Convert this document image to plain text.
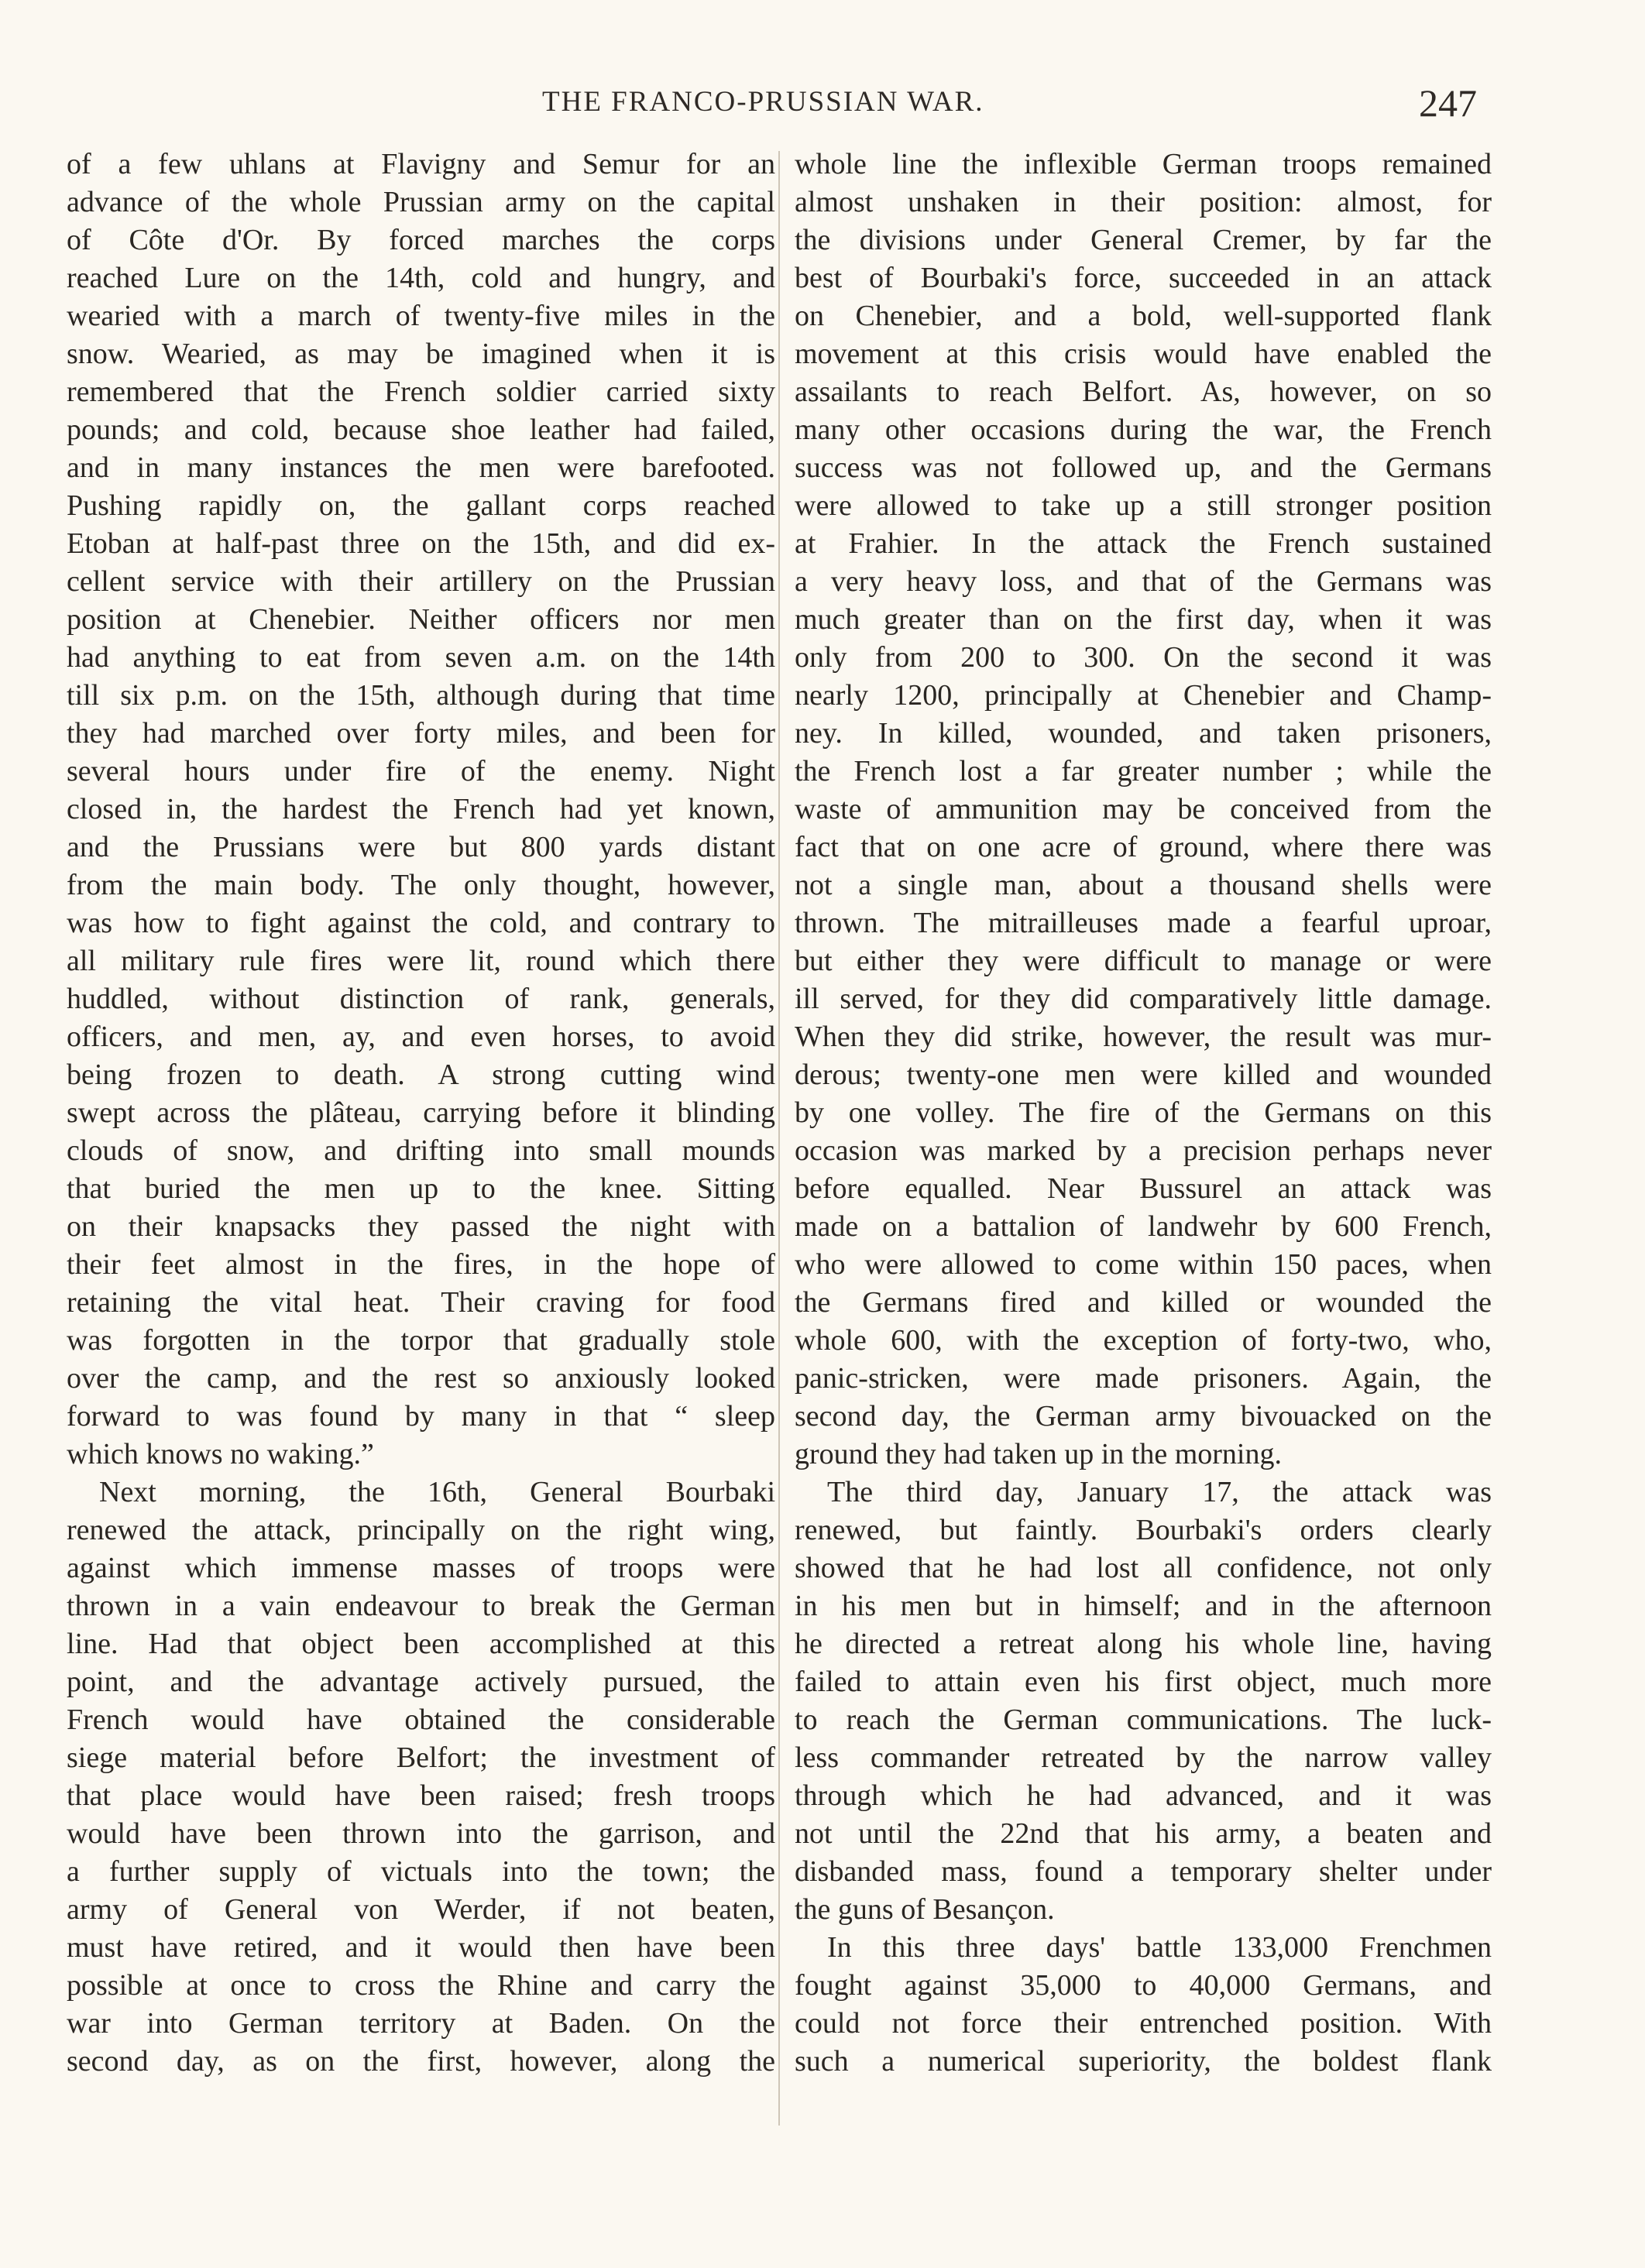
THE FRANCO-PRUSSIAN WAR.	247
of a few uhlans at Flavigny and Semur for an
advance of the whole Prussian army on the capital
of Côte d'Or. By forced marches the corps
reached Lure on the 14th, cold and hungry, and
wearied with a march of twenty-five miles in the
snow. Wearied, as may be imagined when it is
remembered that the French soldier carried sixty
pounds; and cold, because shoe leather had failed,
and in many instances the men were barefooted.
Pushing rapidly on, the gallant corps reached
Etoban at half-past three on the 15th, and did ex-
cellent service with their artillery on the Prussian
position at Chenebier. Neither officers nor men
had anything to eat from seven a.m. on the 14th
till six p.m. on the 15th, although during that time
they had marched over forty miles, and been for
several hours under fire of the enemy. Night
closed in, the hardest the French had yet known,
and the Prussians were but 800 yards distant
from the main body. The only thought, however,
was how to fight against the cold, and contrary to
all military rule fires were lit, round which there
huddled, without distinction of rank, generals,
officers, and men, ay, and even horses, to avoid
being frozen to death. A strong cutting wind
swept across the plâteau, carrying before it blinding
clouds of snow, and drifting into small mounds
that buried the men up to the knee. Sitting
on their knapsacks they passed the night with
their feet almost in the fires, in the hope of
retaining the vital heat. Their craving for food
was forgotten in the torpor that gradually stole
over the camp, and the rest so anxiously looked
forward to was found by many in that “ sleep
which knows no waking.”
Next morning, the 16th, General Bourbaki
renewed the attack, principally on the right wing,
against which immense masses of troops were
thrown in a vain endeavour to break the German
line. Had that object been accomplished at this
point, and the advantage actively pursued, the
French would have obtained the considerable
siege material before Belfort; the investment of
that place would have been raised; fresh troops
would have been thrown into the garrison, and
a further supply of victuals into the town; the
army of General von Werder, if not beaten,
must have retired, and it would then have been
possible at once to cross the Rhine and carry the
war into German territory at Baden. On the
second day, as on the first, however, along the
whole line the inflexible German troops remained
almost unshaken in their position: almost, for
the divisions under General Cremer, by far the
best of Bourbaki's force, succeeded in an attack
on Chenebier, and a bold, well-supported flank
movement at this crisis would have enabled the
assailants to reach Belfort. As, however, on so
many other occasions during the war, the French
success was not followed up, and the Germans
were allowed to take up a still stronger position
at Frahier. In the attack the French sustained
a very heavy loss, and that of the Germans was
much greater than on the first day, when it was
only from 200 to 300. On the second it was
nearly 1200, principally at Chenebier and Champ-
ney. In killed, wounded, and taken prisoners,
the French lost a far greater number ; while the
waste of ammunition may be conceived from the
fact that on one acre of ground, where there was
not a single man, about a thousand shells were
thrown. The mitrailleuses made a fearful uproar,
but either they were difficult to manage or were
ill served, for they did comparatively little damage.
When they did strike, however, the result was mur-
derous; twenty-one men were killed and wounded
by one volley. The fire of the Germans on this
occasion was marked by a precision perhaps never
before equalled. Near Bussurel an attack was
made on a battalion of landwehr by 600 French,
who were allowed to come within 150 paces, when
the Germans fired and killed or wounded the
whole 600, with the exception of forty-two, who,
panic-stricken, were made prisoners. Again, the
second day, the German army bivouacked on the
ground they had taken up in the morning.
The third day, January 17, the attack was
renewed, but faintly. Bourbaki's orders clearly
showed that he had lost all confidence, not only
in his men but in himself; and in the afternoon
he directed a retreat along his whole line, having
failed to attain even his first object, much more
to reach the German communications. The luck-
less commander retreated by the narrow valley
through which he had advanced, and it was
not until the 22nd that his army, a beaten and
disbanded mass, found a temporary shelter under
the guns of Besançon.
In this three days' battle 133,000 Frenchmen
fought against 35,000 to 40,000 Germans, and
could not force their entrenched position. With
such a numerical superiority, the boldest flank
